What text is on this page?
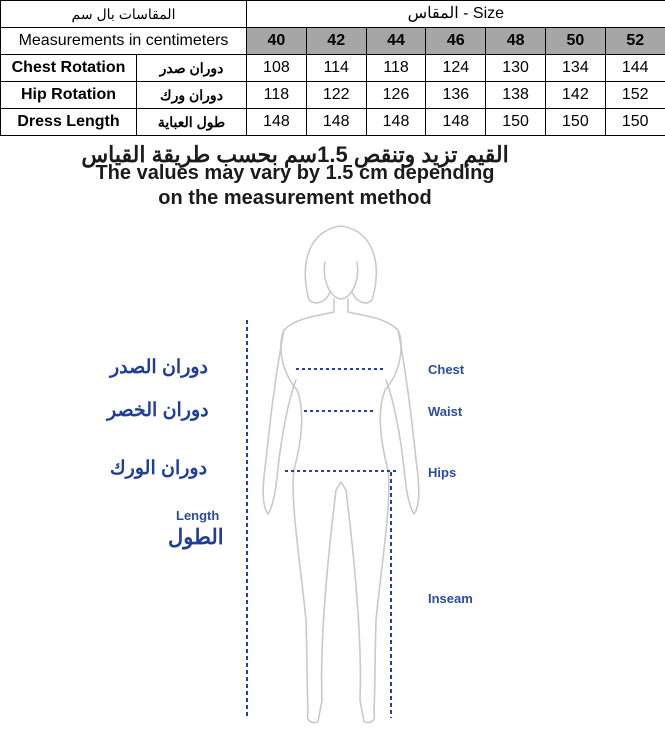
المقاسات بال سم		المقاس - Size						
Measurements in centimeters		40	42	44	46	48	50	52
Chest Rotation	دوران صدر	108	114	118	124	130	134	144
Hip Rotation	دوران ورك	118	122	126	136	138	142	152
Dress Length	طول العباية	148	148	148	148	150	150	150
القيم تزيد وتنقص 1.5سم بحسب طريقة القياس
The values may vary by 1.5 cm depending
on the measurement method
دوران الصدر
دوران الخصر
دوران الورك
Length
الطول
Chest
Waist
Hips
Inseam
